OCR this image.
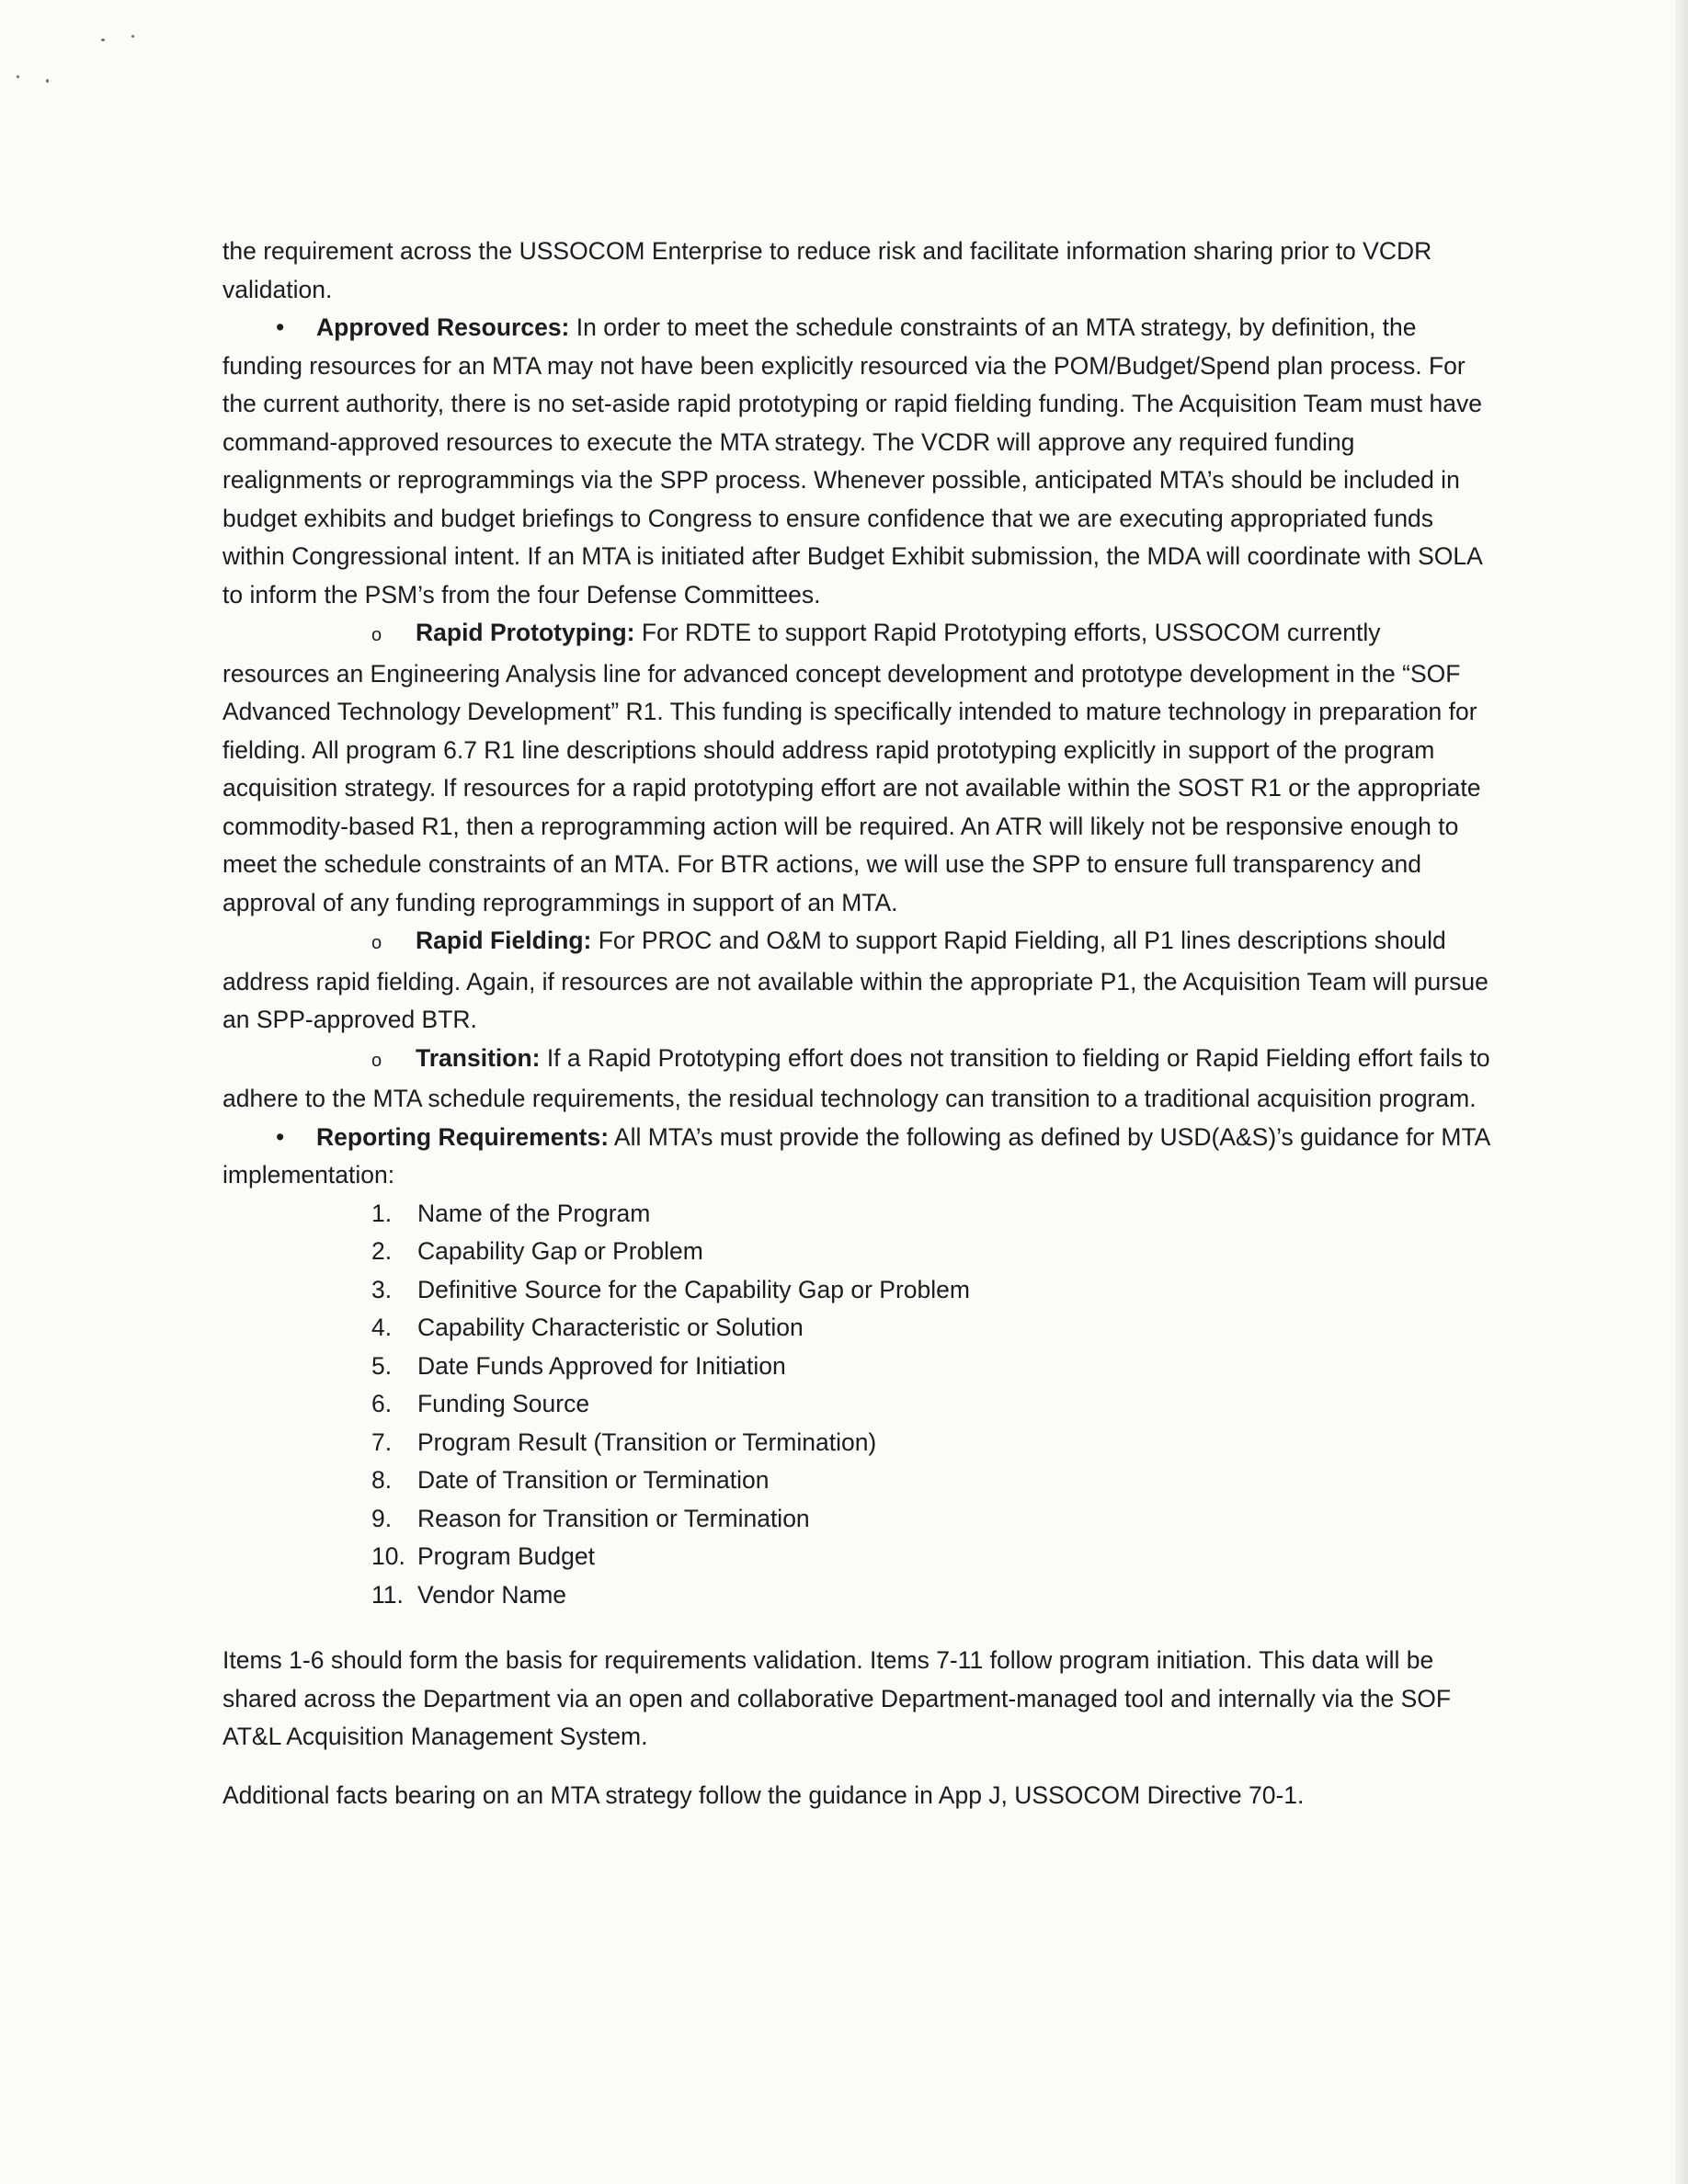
the requirement across the USSOCOM Enterprise to reduce risk and facilitate information sharing prior to VCDR validation.

• Approved Resources: In order to meet the schedule constraints of an MTA strategy, by definition, the funding resources for an MTA may not have been explicitly resourced via the POM/Budget/Spend plan process. For the current authority, there is no set-aside rapid prototyping or rapid fielding funding. The Acquisition Team must have command-approved resources to execute the MTA strategy. The VCDR will approve any required funding realignments or reprogrammings via the SPP process. Whenever possible, anticipated MTA’s should be included in budget exhibits and budget briefings to Congress to ensure confidence that we are executing appropriated funds within Congressional intent. If an MTA is initiated after Budget Exhibit submission, the MDA will coordinate with SOLA to inform the PSM’s from the four Defense Committees.

o Rapid Prototyping: For RDTE to support Rapid Prototyping efforts, USSOCOM currently resources an Engineering Analysis line for advanced concept development and prototype development in the “SOF Advanced Technology Development” R1. This funding is specifically intended to mature technology in preparation for fielding. All program 6.7 R1 line descriptions should address rapid prototyping explicitly in support of the program acquisition strategy. If resources for a rapid prototyping effort are not available within the SOST R1 or the appropriate commodity-based R1, then a reprogramming action will be required. An ATR will likely not be responsive enough to meet the schedule constraints of an MTA. For BTR actions, we will use the SPP to ensure full transparency and approval of any funding reprogrammings in support of an MTA.

o Rapid Fielding: For PROC and O&M to support Rapid Fielding, all P1 lines descriptions should address rapid fielding. Again, if resources are not available within the appropriate P1, the Acquisition Team will pursue an SPP-approved BTR.

o Transition: If a Rapid Prototyping effort does not transition to fielding or Rapid Fielding effort fails to adhere to the MTA schedule requirements, the residual technology can transition to a traditional acquisition program.

• Reporting Requirements: All MTA’s must provide the following as defined by USD(A&S)’s guidance for MTA implementation:

1.	Name of the Program
2.	Capability Gap or Problem
3.	Definitive Source for the Capability Gap or Problem
4.	Capability Characteristic or Solution
5.	Date Funds Approved for Initiation
6.	Funding Source
7.	Program Result (Transition or Termination)
8.	Date of Transition or Termination
9.	Reason for Transition or Termination
10. Program Budget
11. Vendor Name

Items 1-6 should form the basis for requirements validation. Items 7-11 follow program initiation. This data will be shared across the Department via an open and collaborative Department-managed tool and internally via the SOF AT&L Acquisition Management System.

Additional facts bearing on an MTA strategy follow the guidance in App J, USSOCOM Directive 70-1.
